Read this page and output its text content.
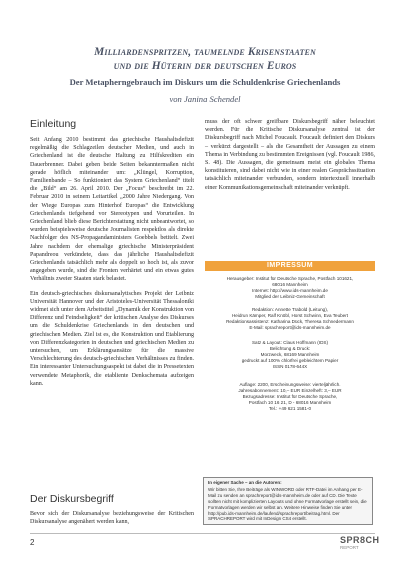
Milliardenspritzen, taumelnde Krisenstaaten
und die Hüterin der deutschen Euros
Der Metapherngebrauch im Diskurs um die Schuldenkrise Griechenlands
von Janina Schendel
Einleitung

Seit Anfang 2010 bestimmt das griechische Haushaltsdefizit regelmäßig die Schlagzeilen deutscher Medien, und auch in Griechenland ist die deutsche Haltung zu Hilfskrediten ein Dauerbrenner. Dabei geben beide Seiten bekanntermaßen nicht gerade höflich miteinander um: „Klüngel, Korruption, Familienbande – So funktioniert das System Griechenland“ titelt die „Bild“ am 26. April 2010. Der „Focus“ beschreibt im 22. Februar 2010 in seinem Leitartikel „2000 Jahre Niedergang. Von der Wiege Europas zum Hinterhof Europas“ die Entwicklung Griechenlands tiefgehend vor Stereotypen und Vorurteilen. In Griechenland blieb diese Berichterstattung nicht unbeantwortet, so wurden beispielsweise deutsche Journalisten respektlos als direkte Nachfolger des NS-Propagandaministers Goebbels betitelt. Zwei Jahre nachdem der ehemalige griechische Ministerpräsident Papandreou verkündete, dass das jährliche Haushaltsdefizit Griechenlands tatsächlich mehr als doppelt so hoch ist, als zuvor angegeben wurde, sind die Fronten verhärtet und ein etwas gutes Verhältnis zweier Staaten stark belastet.

Ein deutsch-griechisches diskursanalytisches Projekt der Leibniz Universität Hannover und der Aristoteles-Universität Thessaloniki widmet sich unter dem Arbeitstitel „Dynamik der Konstruktion von Differenz und Feindseligkeit“ der kritischen Analyse des Diskurses um die Schuldenkrise Griechenlands in den deutschen und griechischen Medien. Ziel ist es, die Konstruktion und Etablierung von Differenzkategorien in deutschen und griechischen Medien zu untersuchen, um Erklärungsansätze für die massive Verschlechterung des deutsch-griechischen Verhältnisses zu finden. Ein interessanter Untersuchungsaspekt ist dabei die in Pressetexten verwendete Metaphorik, die etabliente Denkschemata aufzeigen kann.

Der Diskursbegriff

Bevor sich der Diskursanalyse beziehungsweise der Kritischen Diskursanalyse angenähert werden kann,

muss der oft schwer greifbare Diskursbegriff näher beleuchtet werden. Für die Kritische Diskursanalyse zentral ist der Diskursbegriff nach Michel Foucault. Foucault definiert den Diskurs – verkürzt dargestellt – als die Gesamtheit der Aussagen zu einem Thema in Verbindung zu bestimmten Ereignissen (vgl. Foucault 1986, S. 48). Die Aussagen, die gemeinsam meist ein globales Thema konstituieren, sind dabei nicht wie in einer realen Gesprächssituation tatsächlich miteinander verbunden, sondern intertextuell innerhalb einer Kommunikationsgemeinschaft miteinander verknüpft.

IMPRESSUM
Herausgeber: Institut für Deutsche Sprache, Postfach 101621,
68016 Mannheim
Internet: http://www.ids-mannheim.de
Mitglied der Leibniz-Gemeinschaft
Redaktion: Annette Trabold (Leitung),
Heidrun Kämper, Ralf Knöbl, Horst Schwinn, Eva Teubert
Redaktionsassistenz: Katharina Dück, Theresa Schnedermann
E-Mail: sprachreport@ids-mannheim.de
Satz & Layout: Claus Hoffmann (IDS)
Belichtung & Druck:
Morzweck, 68169 Mannheim
gedruckt auf 100% chlorfrei gebleichtem Papier
ISSN 0178-644X
Auflage: 2200, Erscheinungsweise: vierteljährlich.
Jahresabonnement: 10,– EUR Einzelheft: 3,– EUR
Bezugsadresse: Institut für Deutsche Sprache,
Postfach 10 16 21, D - 68016 Mannheim
Tel.: +49 621 1581-0
In eigener Sache – an die Autoren:
Wir bitten Sie, Ihre Beiträge als WINWORD oder RTF-Datei im Anhang per E-Mail zu senden an sprachreport@ids-mannheim.de oder auf CD. Die Texte sollten nicht mit komplizierten Layouts und ohne Formatvorlage erstellt sein, die Formatvorlagen werden wir selbst an. Weitere Hinweise finden Sie unter http://pub.ids-mannheim.de/laufend/sprachreport/beitrag.html. Der SPRACHREPORT wird mit InDesign CS4 erstellt.
2	SPR8CH
REPORT
